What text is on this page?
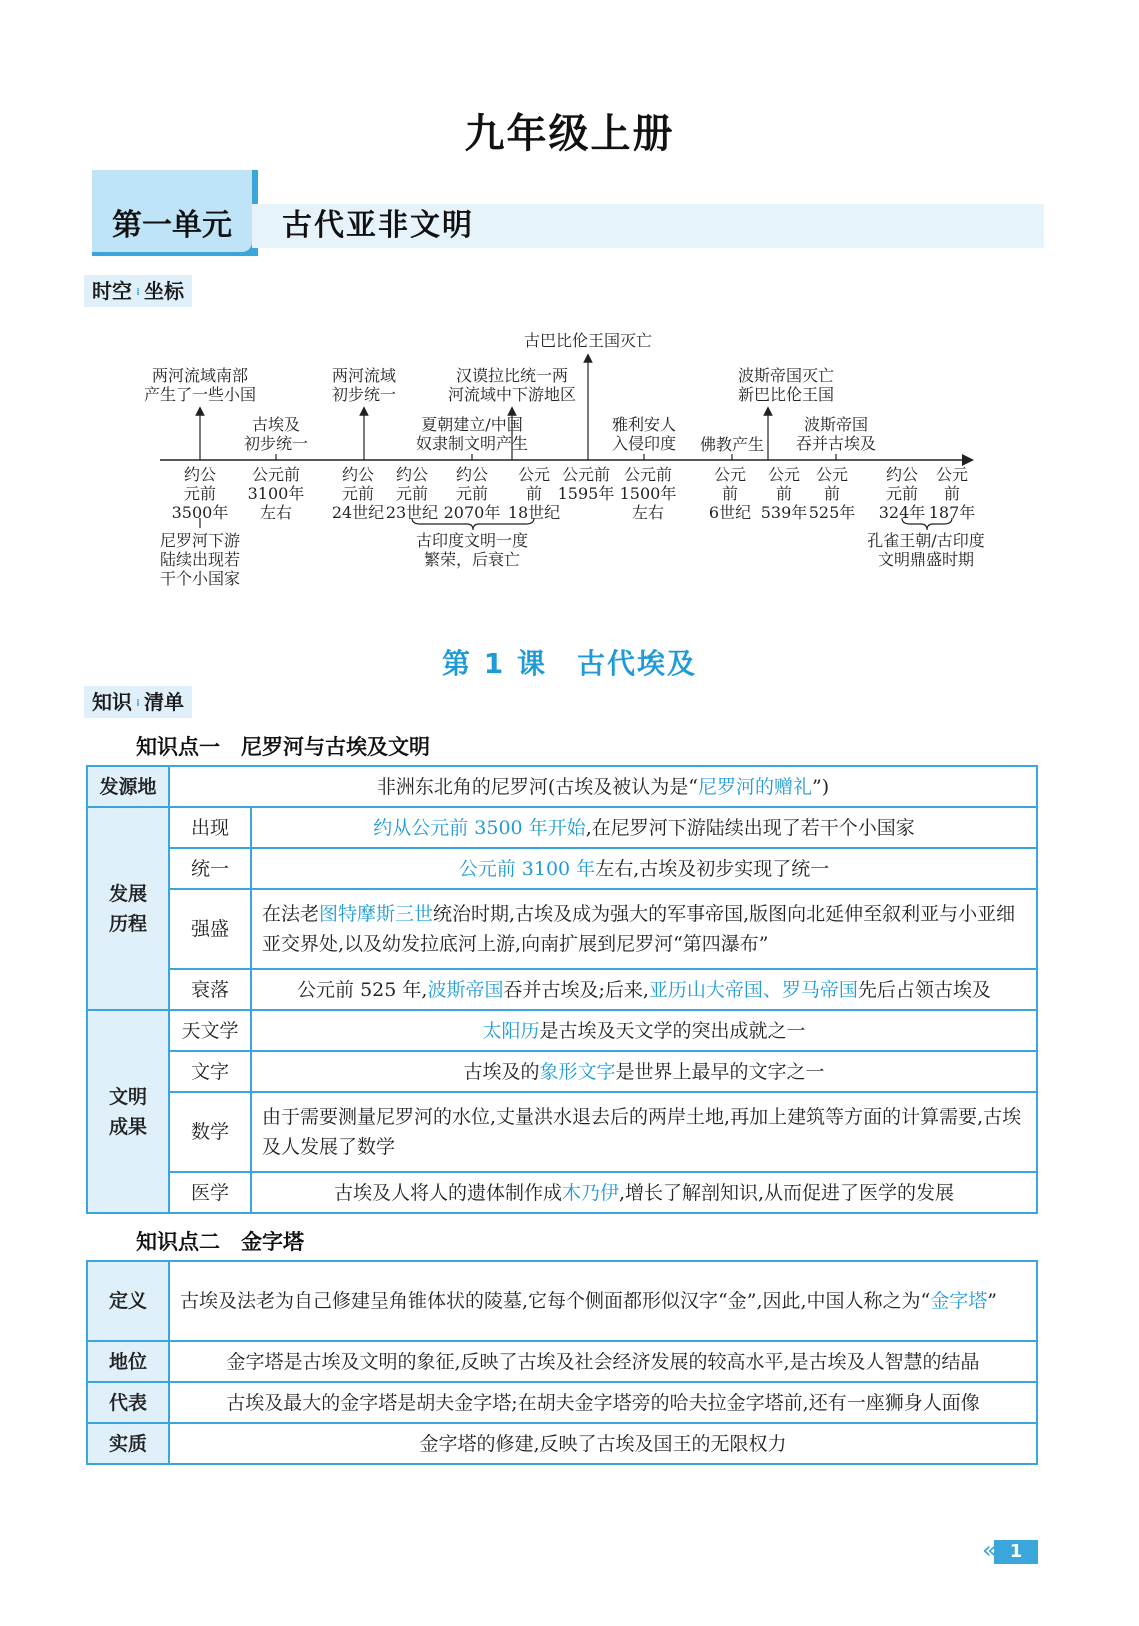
九年级上册
第一单元	古代亚非文明
时空 ⁞ 坐标
两河流域南部产生了一些小国
古埃及初步统一
两河流域初步统一
夏朝建立/中国奴隶制文明产生
汉谟拉比统一两河流域中下游地区
古巴比伦王国灭亡
雅利安人入侵印度 佛教产生
波斯帝国灭亡新巴比伦王国
波斯帝国吞并古埃及
约公元前 3500年
公元前 3100年左右
约公元前 24世纪
约公元前 23世纪
约公元前 2070年
公元前 18世纪
公元前 1595年
公元前 1500年左右
公元前 6世纪
公元前 539年
公元前 525年
约公元前 324年
公元前 187年
尼罗河下游陆续出现若干个小国家
古印度文明一度繁荣，后衰亡
孔雀王朝/古印度文明鼎盛时期
第 1 课　古代埃及
知识 ⁞ 清单
知识点一　尼罗河与古埃及文明
发源地	非洲东北角的尼罗河(古埃及被认为是“尼罗河的赠礼”)	
发展历程	出现	约从公元前 3500 年开始,在尼罗河下游陆续出现了若干个小国家
	统一	公元前 3100 年左右,古埃及初步实现了统一
	强盛	在法老图特摩斯三世统治时期,古埃及成为强大的军事帝国,版图向北延伸至叙利亚与小亚细亚交界处,以及幼发拉底河上游,向南扩展到尼罗河“第四瀑布”
	衰落	公元前 525 年,波斯帝国吞并古埃及;后来,亚历山大帝国、罗马帝国先后占领古埃及
文明成果	天文学	太阳历是古埃及天文学的突出成就之一
	文字	古埃及的象形文字是世界上最早的文字之一
	数学	由于需要测量尼罗河的水位,丈量洪水退去后的两岸土地,再加上建筑等方面的计算需要,古埃及人发展了数学
	医学	古埃及人将人的遗体制作成木乃伊,增长了解剖知识,从而促进了医学的发展
知识点二　金字塔
定义	古埃及法老为自己修建呈角锥体状的陵墓,它每个侧面都形似汉字“金”,因此,中国人称之为“金字塔”
地位	金字塔是古埃及文明的象征,反映了古埃及社会经济发展的较高水平,是古埃及人智慧的结晶
代表	古埃及最大的金字塔是胡夫金字塔;在胡夫金字塔旁的哈夫拉金字塔前,还有一座狮身人面像
实质	金字塔的修建,反映了古埃及国王的无限权力
« 1
